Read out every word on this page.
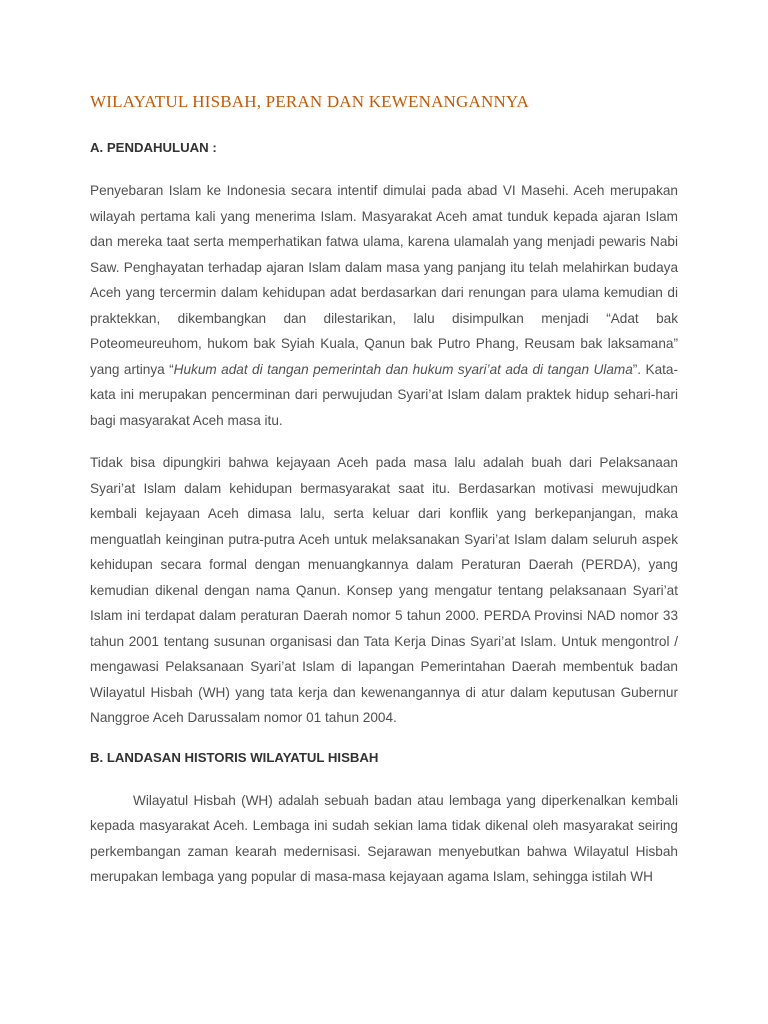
WILAYATUL HISBAH, PERAN DAN KEWENANGANNYA
A. PENDAHULUAN :

Penyebaran Islam ke Indonesia secara intentif dimulai pada abad VI Masehi. Aceh merupakan wilayah pertama kali yang menerima Islam. Masyarakat Aceh amat tunduk kepada ajaran Islam dan mereka taat serta memperhatikan fatwa ulama, karena ulamalah yang menjadi pewaris Nabi Saw. Penghayatan terhadap ajaran Islam dalam masa yang panjang itu telah melahirkan budaya Aceh yang tercermin dalam kehidupan adat berdasarkan dari renungan para ulama kemudian di praktekkan, dikembangkan dan dilestarikan, lalu disimpulkan menjadi “Adat bak Poteomeureuhom, hukom bak Syiah Kuala, Qanun bak Putro Phang, Reusam bak laksamana” yang artinya “Hukum adat di tangan pemerintah dan hukum syari’at ada di tangan Ulama”. Kata-kata ini merupakan pencerminan dari perwujudan Syari’at Islam dalam praktek hidup sehari-hari bagi masyarakat Aceh masa itu.

Tidak bisa dipungkiri bahwa kejayaan Aceh pada masa lalu adalah buah dari Pelaksanaan Syari’at Islam dalam kehidupan bermasyarakat saat itu. Berdasarkan motivasi mewujudkan kembali kejayaan Aceh dimasa lalu, serta keluar dari konflik yang berkepanjangan, maka menguatlah keinginan putra-putra Aceh untuk melaksanakan Syari’at Islam dalam seluruh aspek kehidupan secara formal dengan menuangkannya dalam Peraturan Daerah (PERDA), yang kemudian dikenal dengan nama Qanun. Konsep yang mengatur tentang pelaksanaan Syari’at Islam ini terdapat dalam peraturan Daerah nomor 5 tahun 2000. PERDA Provinsi NAD nomor 33 tahun 2001 tentang susunan organisasi dan Tata Kerja Dinas Syari’at Islam. Untuk mengontrol / mengawasi Pelaksanaan Syari’at Islam di lapangan Pemerintahan Daerah membentuk badan Wilayatul Hisbah (WH) yang tata kerja dan kewenangannya di atur dalam keputusan Gubernur Nanggroe Aceh Darussalam nomor 01 tahun 2004.

B. LANDASAN HISTORIS WILAYATUL HISBAH

Wilayatul Hisbah (WH) adalah sebuah badan atau lembaga yang diperkenalkan kembali kepada masyarakat Aceh. Lembaga ini sudah sekian lama tidak dikenal oleh masyarakat seiring perkembangan zaman kearah medernisasi. Sejarawan menyebutkan bahwa Wilayatul Hisbah merupakan lembaga yang popular di masa-masa kejayaan agama Islam, sehingga istilah WH
